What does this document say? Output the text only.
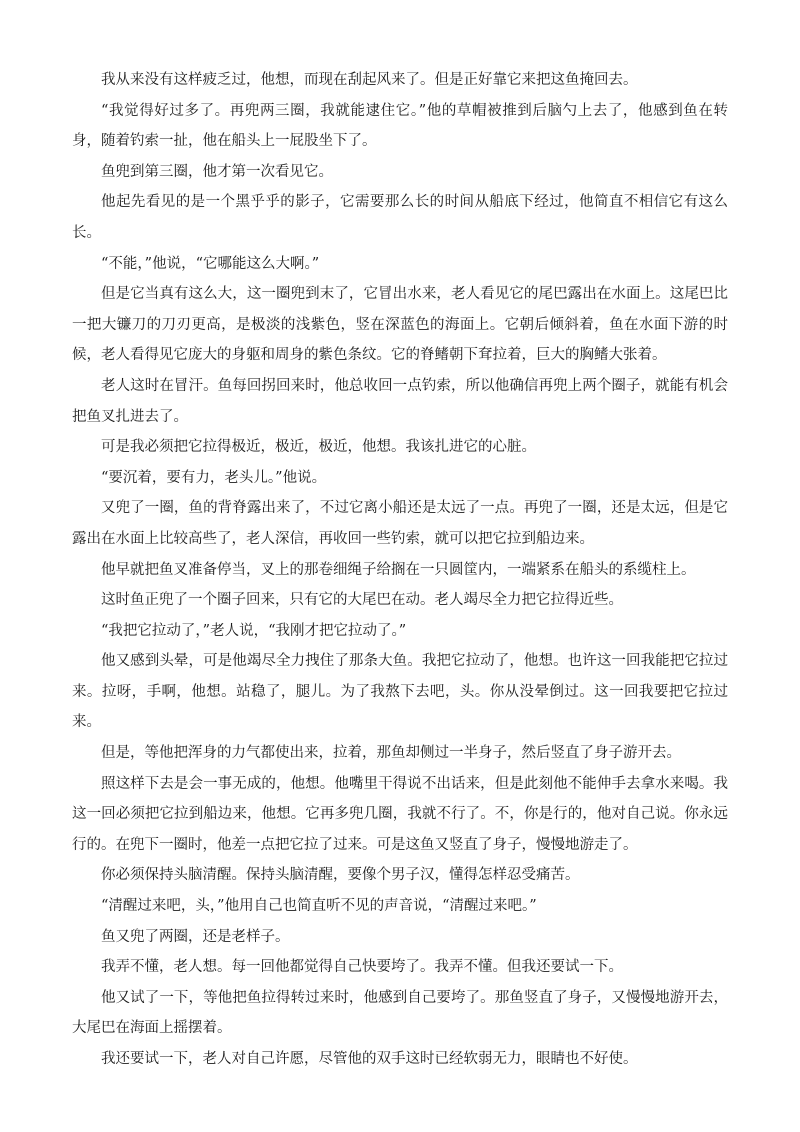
我从来没有这样疲乏过，他想，而现在刮起风来了。但是正好靠它来把这鱼掩回去。

“我觉得好过多了。再兜两三圈，我就能逮住它。”他的草帽被推到后脑勺上去了，他感到鱼在转身，随着钓索一扯，他在船头上一屁股坐下了。

鱼兜到第三圈，他才第一次看见它。

他起先看见的是一个黑乎乎的影子，它需要那么长的时间从船底下经过，他简直不相信它有这么长。

“不能，”他说，“它哪能这么大啊。”

但是它当真有这么大，这一圈兜到末了，它冒出水来，老人看见它的尾巴露出在水面上。这尾巴比一把大镰刀的刀刃更高，是极淡的浅紫色，竖在深蓝色的海面上。它朝后倾斜着，鱼在水面下游的时候，老人看得见它庞大的身躯和周身的紫色条纹。它的脊鳍朝下耷拉着，巨大的胸鳍大张着。

老人这时在冒汗。鱼每回拐回来时，他总收回一点钓索，所以他确信再兜上两个圈子，就能有机会把鱼叉扎进去了。

可是我必须把它拉得极近，极近，极近，他想。我该扎进它的心脏。

“要沉着，要有力，老头儿。”他说。

又兜了一圈，鱼的背脊露出来了，不过它离小船还是太远了一点。再兜了一圈，还是太远，但是它露出在水面上比较高些了，老人深信，再收回一些钓索，就可以把它拉到船边来。

他早就把鱼叉准备停当，叉上的那卷细绳子给搁在一只圆筐内，一端紧系在船头的系缆柱上。

这时鱼正兜了一个圈子回来，只有它的大尾巴在动。老人竭尽全力把它拉得近些。

“我把它拉动了，”老人说，“我刚才把它拉动了。”

他又感到头晕，可是他竭尽全力拽住了那条大鱼。我把它拉动了，他想。也许这一回我能把它拉过来。拉呀，手啊，他想。站稳了，腿儿。为了我熬下去吧，头。你从没晕倒过。这一回我要把它拉过来。

但是，等他把浑身的力气都使出来，拉着，那鱼却侧过一半身子，然后竖直了身子游开去。

照这样下去是会一事无成的，他想。他嘴里干得说不出话来，但是此刻他不能伸手去拿水来喝。我这一回必须把它拉到船边来，他想。它再多兜几圈，我就不行了。不，你是行的，他对自己说。你永远行的。在兜下一圈时，他差一点把它拉了过来。可是这鱼又竖直了身子，慢慢地游走了。

你必须保持头脑清醒。保持头脑清醒，要像个男子汉，懂得怎样忍受痛苦。

“清醒过来吧，头，”他用自己也简直听不见的声音说，“清醒过来吧。”

鱼又兜了两圈，还是老样子。

我弄不懂，老人想。每一回他都觉得自己快要垮了。我弄不懂。但我还要试一下。

他又试了一下，等他把鱼拉得转过来时，他感到自己要垮了。那鱼竖直了身子，又慢慢地游开去，大尾巴在海面上摇摆着。

我还要试一下，老人对自己许愿，尽管他的双手这时已经软弱无力，眼睛也不好使。
